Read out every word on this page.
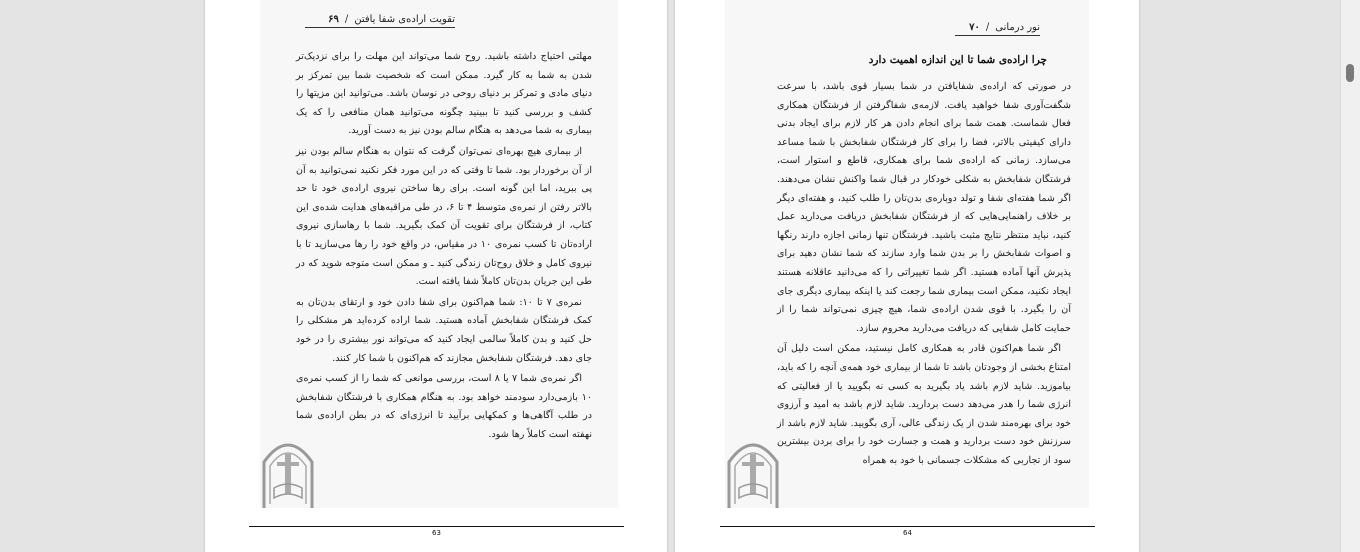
تقویت اراده‌ی شفا یافتن
/
۶۹

مهلتی احتیاج داشته باشید. روح شما می‌تواند این مهلت را برای نزدیک‌تر شدن به شما به کار گیرد. ممکن است که شخصیت شما بین تمرکز بر دنیای مادی و تمرکز بر دنیای روحی در نوسان باشد. می‌توانید این مزیتها را کشف و بررسی کنید تا ببینید چگونه می‌توانید همان منافعی را که یک بیماری به شما می‌دهد به هنگام سالم بودن نیز به دست آورید.

از بیماری هیچ بهره‌ای نمی‌توان گرفت که نتوان به هنگام سالم بودن نیز از آن برخوردار بود. شما تا وقتی که در این مورد فکر نکنید نمی‌توانید به آن پی ببرید، اما این گونه است. برای رها ساختن نیروی اراده‌ی خود تا حد بالاتر رفتن از نمره‌ی متوسط ۴ تا ۶، در طی مراقبه‌های هدایت شده‌ی این کتاب، از فرشتگان برای تقویت آن کمک بگیرید. شما با رهاسازی نیروی اراده‌تان تا کسب نمره‌ی ۱۰ در مقیاس، در واقع خود را رها می‌سازید تا با نیروی کامل و خلاق روح‌تان زندگی کنید ـ و ممکن است متوجه شوید که در طی این جریان بدن‌تان کاملاً شفا یافته است.

نمره‌ی ۷ تا ۱۰: شما هم‌اکنون برای شفا دادن خود و ارتقای بدن‌تان به کمک فرشتگان شفابخش آماده هستید. شما اراده کرده‌اید هر مشکلی را حل کنید و بدن کاملاً سالمی ایجاد کنید که می‌تواند نور بیشتری را در خود جای دهد. فرشتگان شفابخش مجازند که هم‌اکنون با شما کار کنند.

اگر نمره‌ی شما ۷ یا ۸ است، بررسی موانعی که شما را از کسب نمره‌ی ۱۰ بازمی‌دارد سودمند خواهد بود. به هنگام همکاری با فرشتگان شفابخش در طلب آگاهی‌ها و کمکهایی برآیید تا انرژی‌ای که در بطن اراده‌ی شما نهفته است کاملاً رها شود.

63
نور درمانی
/
۷۰
چرا اراده‌ی شما تا این اندازه اهمیت دارد

در صورتی که اراده‌ی شفایافتن در شما بسیار قوی باشد، با سرعت شگفت‌آوری شفا خواهید یافت. لازمه‌ی شفاگرفتن از فرشتگان همکاری فعال شماست. همت شما برای انجام دادن هر کار لازم برای ایجاد بدنی دارای کیفیتی بالاتر، فضا را برای کار فرشتگان شفابخش با شما مساعد می‌سازد. زمانی که اراده‌ی شما برای همکاری، قاطع و استوار است، فرشتگان شفابخش به شکلی خودکار در قبال شما واکنش نشان می‌دهند. اگر شما هفته‌ای شفا و تولد دوباره‌ی بدن‌تان را طلب کنید، و هفته‌ای دیگر بر خلاف راهنمایی‌هایی که از فرشتگان شفابخش دریافت می‌دارید عمل کنید، نباید منتظر نتایج مثبت باشید. فرشتگان تنها زمانی اجازه دارند رنگها و اصوات شفابخش را بر بدن شما وارد سازند که شما نشان دهید برای پذیرش آنها آماده هستید. اگر شما تغییراتی را که می‌دانید عاقلانه هستند ایجاد نکنید، ممکن است بیماری شما رجعت کند یا اینکه بیماری دیگری جای آن را بگیرد. با قوی شدن اراده‌ی شما، هیچ چیزی نمی‌تواند شما را از حمایت کامل شفایی که دریافت می‌دارید محروم سازد.

اگر شما هم‌اکنون قادر به همکاری کامل نیستید، ممکن است دلیل آن امتناع بخشی از وجودتان باشد تا شما از بیماری خود همه‌ی آنچه را که باید، بیاموزید. شاید لازم باشد یاد بگیرید به کسی نه بگویید یا از فعالیتی که انرژی شما را هدر می‌دهد دست بردارید. شاید لازم باشد به امید و آرزوی خود برای بهره‌مند شدن از یک زندگی عالی، آری بگویید. شاید لازم باشد از سرزنش خود دست بردارید و همت و جسارت خود را برای بردن بیشترین سود از تجاربی که مشکلات جسمانی با خود به همراه

64
